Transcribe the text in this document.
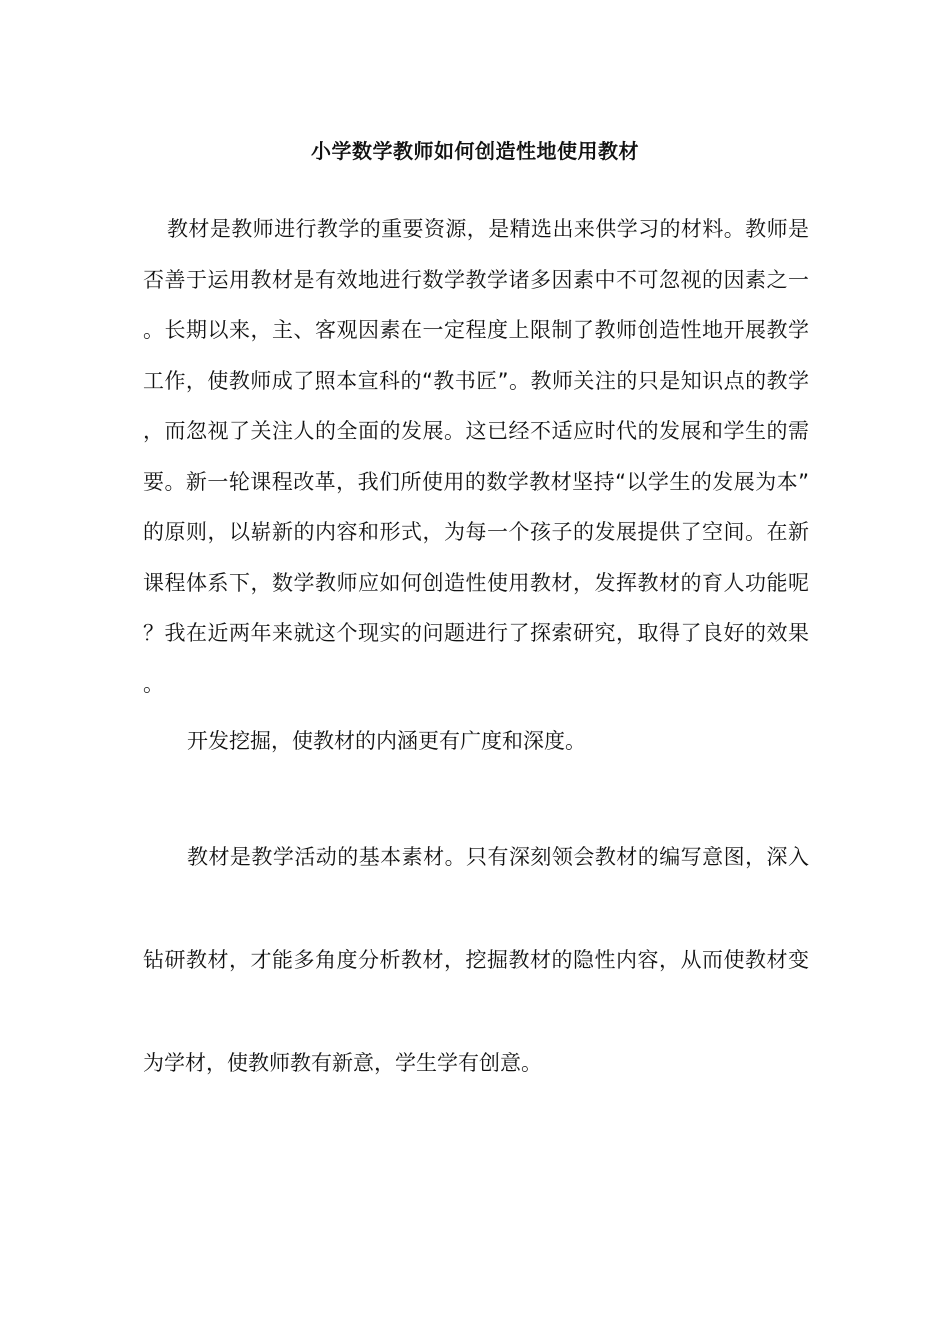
小学数学教师如何创造性地使用教材

教材是教师进行教学的重要资源，是精选出来供学习的材料。教师是否善于运用教材是有效地进行数学教学诸多因素中不可忽视的因素之一。长期以来，主、客观因素在一定程度上限制了教师创造性地开展教学工作，使教师成了照本宣科的“教书匠”。教师关注的只是知识点的教学，而忽视了关注人的全面的发展。这已经不适应时代的发展和学生的需要。新一轮课程改革，我们所使用的数学教材坚持“以学生的发展为本”的原则，以崭新的内容和形式，为每一个孩子的发展提供了空间。在新课程体系下，数学教师应如何创造性使用教材，发挥教材的育人功能呢？我在近两年来就这个现实的问题进行了探索研究，取得了良好的效果。

开发挖掘，使教材的内涵更有广度和深度。

教材是教学活动的基本素材。只有深刻领会教材的编写意图，深入钻研教材，才能多角度分析教材，挖掘教材的隐性内容，从而使教材变为学材，使教师教有新意，学生学有创意。
